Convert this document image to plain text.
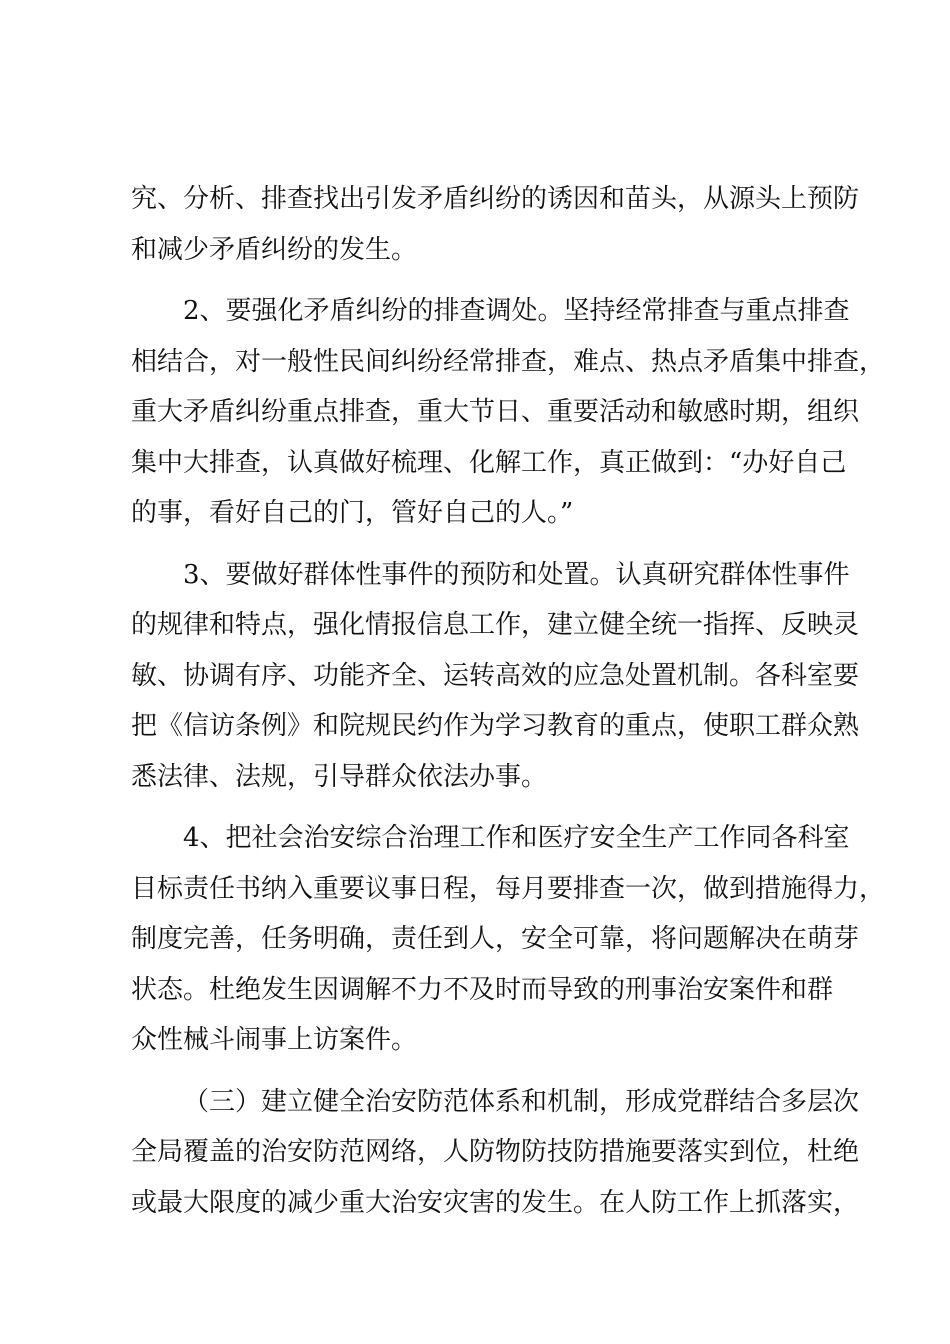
究、分析、排查找出引发矛盾纠纷的诱因和苗头，从源头上预防
和减少矛盾纠纷的发生。
2、要强化矛盾纠纷的排查调处。坚持经常排查与重点排查
相结合，对一般性民间纠纷经常排查，难点、热点矛盾集中排查，
重大矛盾纠纷重点排查，重大节日、重要活动和敏感时期，组织
集中大排查，认真做好梳理、化解工作，真正做到：“办好自己
的事，看好自己的门，管好自己的人。”
3、要做好群体性事件的预防和处置。认真研究群体性事件
的规律和特点，强化情报信息工作，建立健全统一指挥、反映灵
敏、协调有序、功能齐全、运转高效的应急处置机制。各科室要
把《信访条例》和院规民约作为学习教育的重点，使职工群众熟
悉法律、法规，引导群众依法办事。
4、把社会治安综合治理工作和医疗安全生产工作同各科室
目标责任书纳入重要议事日程，每月要排查一次，做到措施得力，
制度完善，任务明确，责任到人，安全可靠，将问题解决在萌芽
状态。杜绝发生因调解不力不及时而导致的刑事治安案件和群
众性械斗闹事上访案件。
（三）建立健全治安防范体系和机制，形成党群结合多层次
全局覆盖的治安防范网络，人防物防技防措施要落实到位，杜绝
或最大限度的减少重大治安灾害的发生。在人防工作上抓落实，
